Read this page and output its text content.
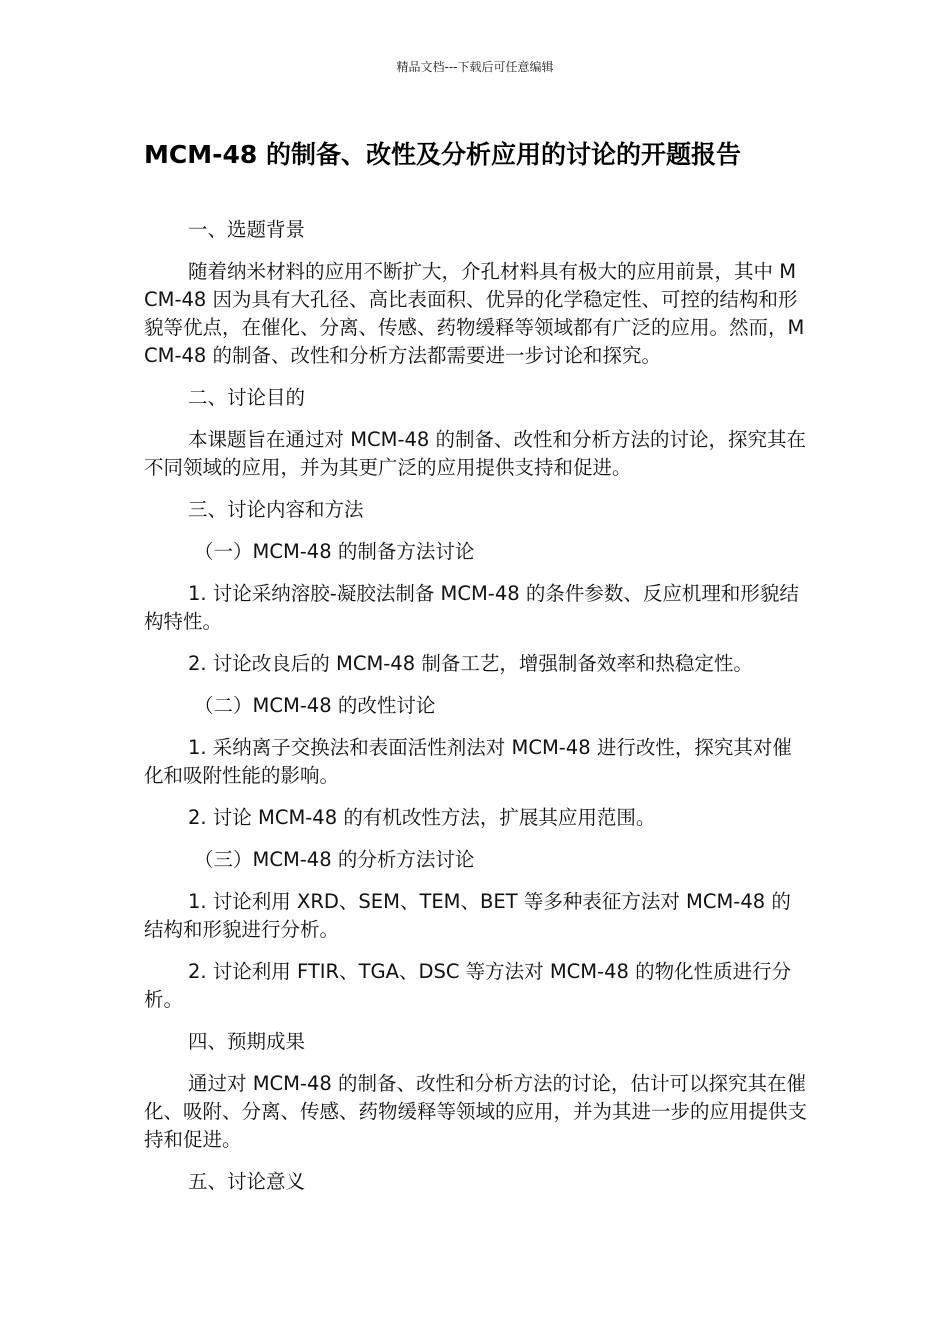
精品文档---下载后可任意编辑
MCM-48 的制备、改性及分析应用的讨论的开题报告

一、选题背景

随着纳米材料的应用不断扩大，介孔材料具有极大的应用前景，其中 MCM-48 因为具有大孔径、高比表面积、优异的化学稳定性、可控的结构和形貌等优点，在催化、分离、传感、药物缓释等领域都有广泛的应用。然而，MCM-48 的制备、改性和分析方法都需要进一步讨论和探究。

二、讨论目的

本课题旨在通过对 MCM-48 的制备、改性和分析方法的讨论，探究其在不同领域的应用，并为其更广泛的应用提供支持和促进。

三、讨论内容和方法

（一）MCM-48 的制备方法讨论

1. 讨论采纳溶胶-凝胶法制备 MCM-48 的条件参数、反应机理和形貌结构特性。

2. 讨论改良后的 MCM-48 制备工艺，增强制备效率和热稳定性。

（二）MCM-48 的改性讨论

1. 采纳离子交换法和表面活性剂法对 MCM-48 进行改性，探究其对催化和吸附性能的影响。

2. 讨论 MCM-48 的有机改性方法，扩展其应用范围。

（三）MCM-48 的分析方法讨论

1. 讨论利用 XRD、SEM、TEM、BET 等多种表征方法对 MCM-48 的结构和形貌进行分析。

2. 讨论利用 FTIR、TGA、DSC 等方法对 MCM-48 的物化性质进行分析。

四、预期成果

通过对 MCM-48 的制备、改性和分析方法的讨论，估计可以探究其在催化、吸附、分离、传感、药物缓释等领域的应用，并为其进一步的应用提供支持和促进。

五、讨论意义
